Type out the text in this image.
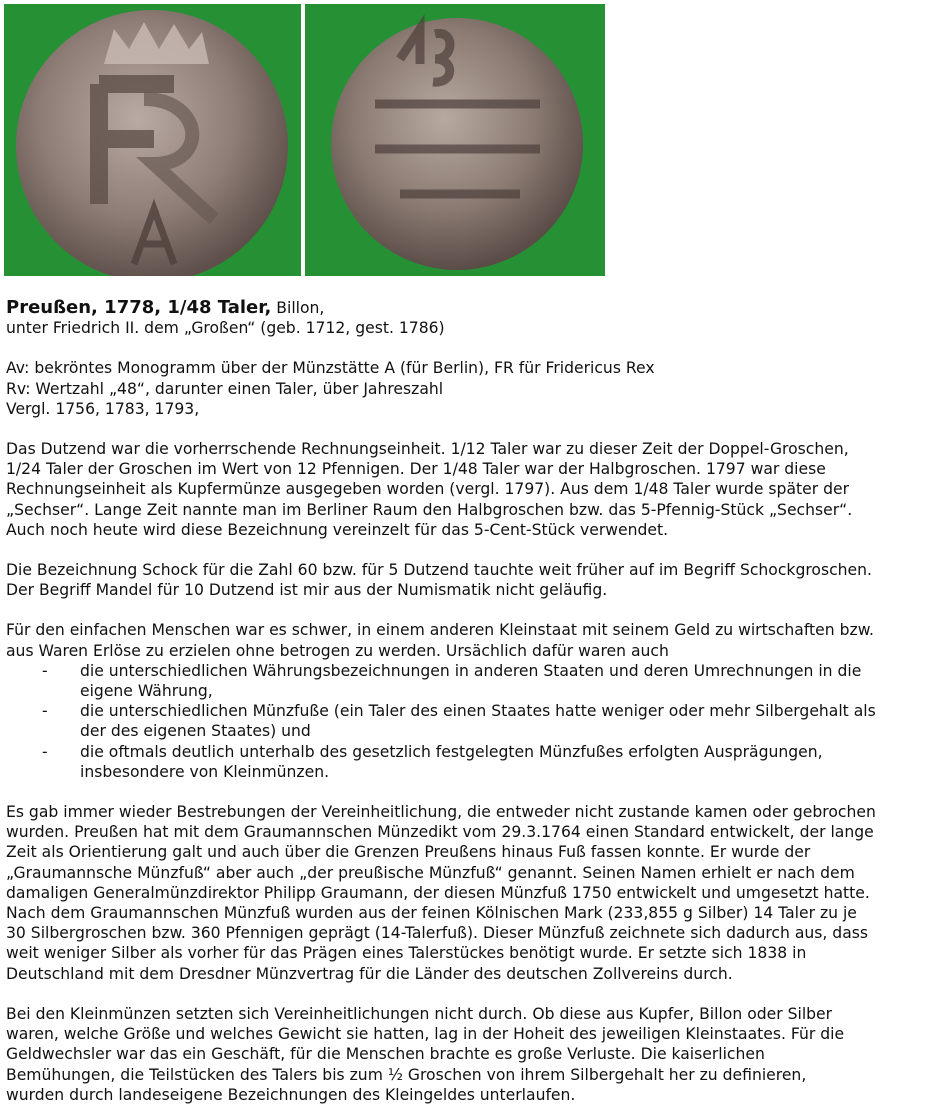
Preußen, 1778, 1/48 Taler, Billon,

unter Friedrich II. dem „Großen“ (geb. 1712, gest. 1786)

Av: bekröntes Monogramm über der Münzstätte A (für Berlin), FR für Fridericus Rex

Rv: Wertzahl „48“, darunter einen Taler, über Jahreszahl

Vergl. 1756, 1783, 1793,

Das Dutzend war die vorherrschende Rechnungseinheit. 1/12 Taler war zu dieser Zeit der Doppel-Groschen,
1/24 Taler der Groschen im Wert von 12 Pfennigen. Der 1/48 Taler war der Halbgroschen. 1797 war diese
Rechnungseinheit als Kupfermünze ausgegeben worden (vergl. 1797). Aus dem 1/48 Taler wurde später der
„Sechser“. Lange Zeit nannte man im Berliner Raum den Halbgroschen bzw. das 5-Pfennig-Stück „Sechser“.
Auch noch heute wird diese Bezeichnung vereinzelt für das 5-Cent-Stück verwendet.

Die Bezeichnung Schock für die Zahl 60 bzw. für 5 Dutzend tauchte weit früher auf im Begriff Schockgroschen.
Der Begriff Mandel für 10 Dutzend ist mir aus der Numismatik nicht geläufig.

Für den einfachen Menschen war es schwer, in einem anderen Kleinstaat mit seinem Geld zu wirtschaften bzw.
aus Waren Erlöse zu erzielen ohne betrogen zu werden. Ursächlich dafür waren auch

- die unterschiedlichen Währungsbezeichnungen in anderen Staaten und deren Umrechnungen in die
eigene Währung,
- die unterschiedlichen Münzfuße (ein Taler des einen Staates hatte weniger oder mehr Silbergehalt als
der des eigenen Staates) und
- die oftmals deutlich unterhalb des gesetzlich festgelegten Münzfußes erfolgten Ausprägungen,
insbesondere von Kleinmünzen.

Es gab immer wieder Bestrebungen der Vereinheitlichung, die entweder nicht zustande kamen oder gebrochen
wurden. Preußen hat mit dem Graumannschen Münzedikt vom 29.3.1764 einen Standard entwickelt, der lange
Zeit als Orientierung galt und auch über die Grenzen Preußens hinaus Fuß fassen konnte. Er wurde der
„Graumannsche Münzfuß“ aber auch „der preußische Münzfuß“ genannt. Seinen Namen erhielt er nach dem
damaligen Generalmünzdirektor Philipp Graumann, der diesen Münzfuß 1750 entwickelt und umgesetzt hatte.
Nach dem Graumannschen Münzfuß wurden aus der feinen Kölnischen Mark (233,855 g Silber) 14 Taler zu je
30 Silbergroschen bzw. 360 Pfennigen geprägt (14-Talerfuß). Dieser Münzfuß zeichnete sich dadurch aus, dass
weit weniger Silber als vorher für das Prägen eines Talerstückes benötigt wurde. Er setzte sich 1838 in
Deutschland mit dem Dresdner Münzvertrag für die Länder des deutschen Zollvereins durch.

Bei den Kleinmünzen setzten sich Vereinheitlichungen nicht durch. Ob diese aus Kupfer, Billon oder Silber
waren, welche Größe und welches Gewicht sie hatten, lag in der Hoheit des jeweiligen Kleinstaates. Für die
Geldwechsler war das ein Geschäft, für die Menschen brachte es große Verluste. Die kaiserlichen
Bemühungen, die Teilstücken des Talers bis zum ½ Groschen von ihrem Silbergehalt her zu definieren,
wurden durch landeseigene Bezeichnungen des Kleingeldes unterlaufen.
